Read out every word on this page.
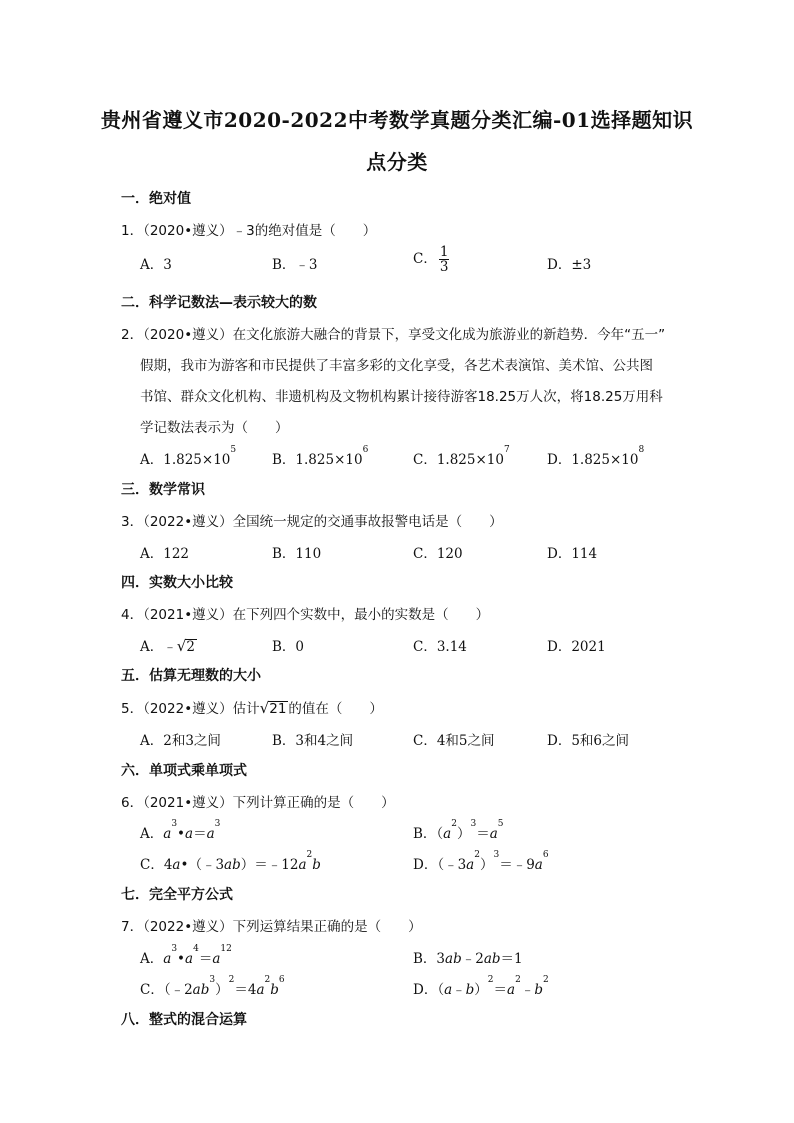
贵州省遵义市2020-2022中考数学真题分类汇编-01选择题知识
点分类
一．绝对值
1．（2020•遵义）﹣3的绝对值是（　　）
A．3	B．﹣3	C． $\frac{1}{3}$	D．±3
二．科学记数法—表示较大的数
2．（2020•遵义）在文化旅游大融合的背景下，享受文化成为旅游业的新趋势．今年“五一”
假期，我市为游客和市民提供了丰富多彩的文化享受，各艺术表演馆、美术馆、公共图
书馆、群众文化机构、非遗机构及文物机构累计接待游客18.25万人次，将18.25万用科
学记数法表示为（　　）
A．$1.825\times 10^5$
B．$1.825\times 10^6$
C．$1.825\times 10^7$
D．$1.825\times 10^8$
三．数学常识
3．（2022•遵义）全国统一规定的交通事故报警电话是（　　）
A．122	B．110	C．120	D．114
四．实数大小比较
4．（2021•遵义）在下列四个实数中，最小的实数是（　　）
A．﹣√2	B．0	C．3.14	D．2021
五．估算无理数的大小
5．（2022•遵义）估计√21 的值在（　　）
A．2和3之间	B．3和4之间	C．4和5之间	D．5和6之间
六．单项式乘单项式
6．（2021•遵义）下列计算正确的是（　　）
A．$a^3•a=a^3$
B．$(a^2)^3=a^5$
C．$4a•(﹣3ab)=﹣12a^2b$	D．$(﹣3a^2)^3=﹣9a^6$
七．完全平方公式
7．（2022•遵义）下列运算结果正确的是（　　）
A．$a^3•a^4=a^{12}$
B．3ab﹣2ab＝1
C．$(﹣2ab^3)^2=4a^2b^6$
D．$(a﹣b)^2=a^2﹣b^2$
八．整式的混合运算
